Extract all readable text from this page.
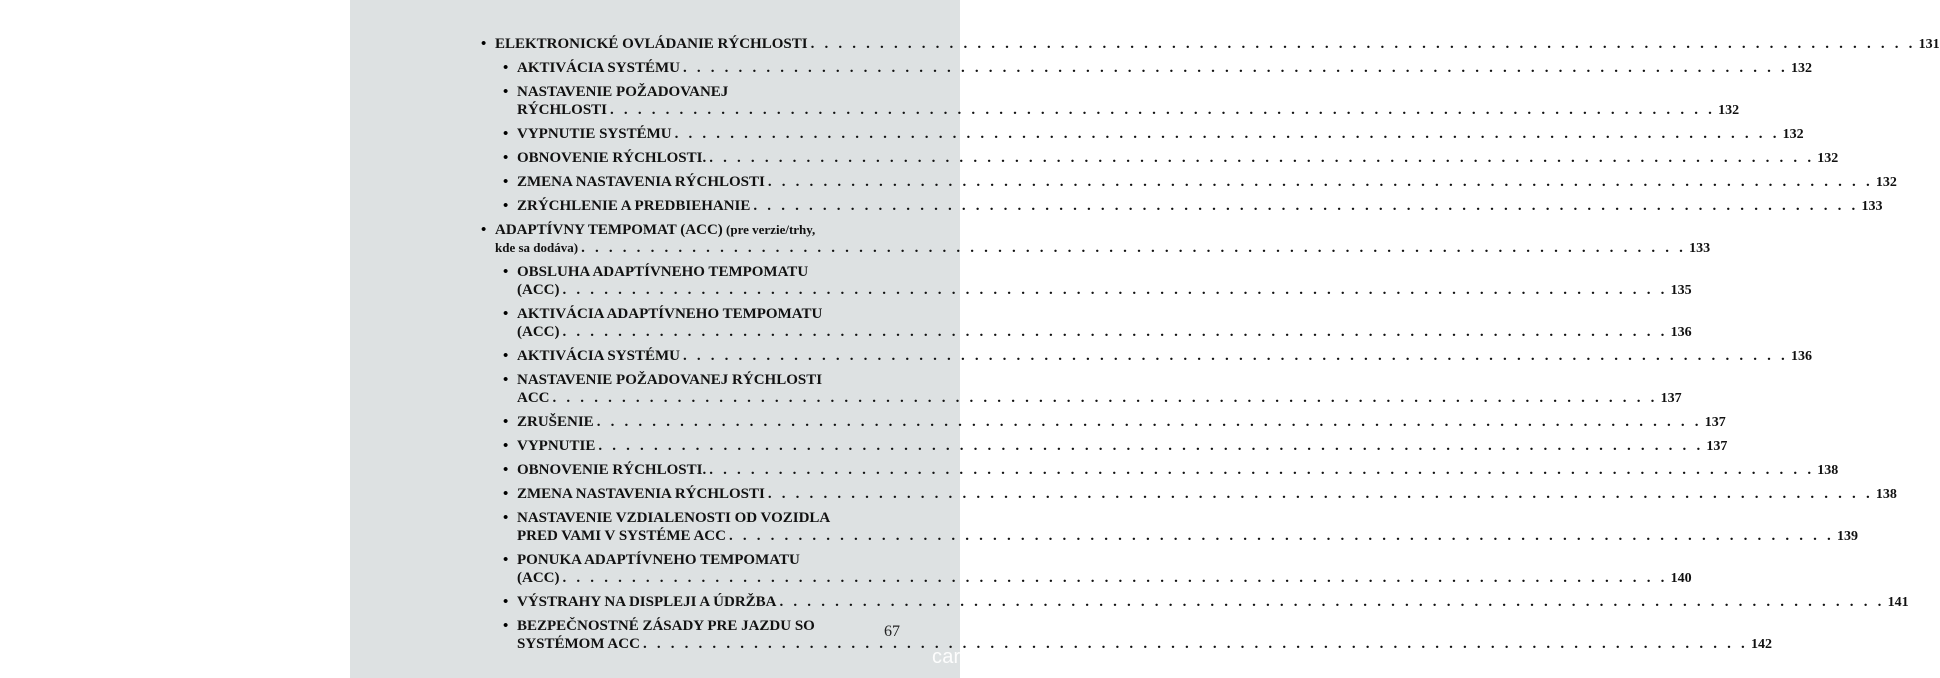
• ELEKTRONICKÉ OVLÁDANIE RÝCHLOSTI . . . . . . . . . . . . . . . . . . . . . . . . . . . . . . . . . . . . . . . . . . . . . . . . . . . . . . . . . . . . . . . . . . . . . . . . . . . . . . . . 131
• AKTIVÁCIA SYSTÉMU . . . . . . . . . . . . . . . . . . . . . . . . . . . . . . . . . . . . . . . . . . . . . . . . . . . . . . . . . . . . . . . . . . . . . . . . . . . . . . . . 132
• NASTAVENIE POŽADOVANEJ
RÝCHLOSTI . . . . . . . . . . . . . . . . . . . . . . . . . . . . . . . . . . . . . . . . . . . . . . . . . . . . . . . . . . . . . . . . . . . . . . . . . . . . . . . . 132
• VYPNUTIE SYSTÉMU . . . . . . . . . . . . . . . . . . . . . . . . . . . . . . . . . . . . . . . . . . . . . . . . . . . . . . . . . . . . . . . . . . . . . . . . . . . . . . . . 132
• OBNOVENIE RÝCHLOSTI. . . . . . . . . . . . . . . . . . . . . . . . . . . . . . . . . . . . . . . . . . . . . . . . . . . . . . . . . . . . . . . . . . . . . . . . . . . . . . . . . 132
• ZMENA NASTAVENIA RÝCHLOSTI . . . . . . . . . . . . . . . . . . . . . . . . . . . . . . . . . . . . . . . . . . . . . . . . . . . . . . . . . . . . . . . . . . . . . . . . . . . . . . . . 132
• ZRÝCHLENIE A PREDBIEHANIE . . . . . . . . . . . . . . . . . . . . . . . . . . . . . . . . . . . . . . . . . . . . . . . . . . . . . . . . . . . . . . . . . . . . . . . . . . . . . . . . 133
• ADAPTÍVNY TEMPOMAT (ACC) (pre verzie/trhy,
kde sa dodáva) . . . . . . . . . . . . . . . . . . . . . . . . . . . . . . . . . . . . . . . . . . . . . . . . . . . . . . . . . . . . . . . . . . . . . . . . . . . . . . . . 133
• OBSLUHA ADAPTÍVNEHO TEMPOMATU
(ACC) . . . . . . . . . . . . . . . . . . . . . . . . . . . . . . . . . . . . . . . . . . . . . . . . . . . . . . . . . . . . . . . . . . . . . . . . . . . . . . . . 135
• AKTIVÁCIA ADAPTÍVNEHO TEMPOMATU
(ACC) . . . . . . . . . . . . . . . . . . . . . . . . . . . . . . . . . . . . . . . . . . . . . . . . . . . . . . . . . . . . . . . . . . . . . . . . . . . . . . . . 136
• AKTIVÁCIA SYSTÉMU . . . . . . . . . . . . . . . . . . . . . . . . . . . . . . . . . . . . . . . . . . . . . . . . . . . . . . . . . . . . . . . . . . . . . . . . . . . . . . . . 136
• NASTAVENIE POŽADOVANEJ RÝCHLOSTI
ACC . . . . . . . . . . . . . . . . . . . . . . . . . . . . . . . . . . . . . . . . . . . . . . . . . . . . . . . . . . . . . . . . . . . . . . . . . . . . . . . . 137
• ZRUŠENIE . . . . . . . . . . . . . . . . . . . . . . . . . . . . . . . . . . . . . . . . . . . . . . . . . . . . . . . . . . . . . . . . . . . . . . . . . . . . . . . . 137
• VYPNUTIE . . . . . . . . . . . . . . . . . . . . . . . . . . . . . . . . . . . . . . . . . . . . . . . . . . . . . . . . . . . . . . . . . . . . . . . . . . . . . . . . 137
• OBNOVENIE RÝCHLOSTI. . . . . . . . . . . . . . . . . . . . . . . . . . . . . . . . . . . . . . . . . . . . . . . . . . . . . . . . . . . . . . . . . . . . . . . . . . . . . . . . . 138
• ZMENA NASTAVENIA RÝCHLOSTI . . . . . . . . . . . . . . . . . . . . . . . . . . . . . . . . . . . . . . . . . . . . . . . . . . . . . . . . . . . . . . . . . . . . . . . . . . . . . . . . 138
• NASTAVENIE VZDIALENOSTI OD VOZIDLA
PRED VAMI V SYSTÉME ACC . . . . . . . . . . . . . . . . . . . . . . . . . . . . . . . . . . . . . . . . . . . . . . . . . . . . . . . . . . . . . . . . . . . . . . . . . . . . . . . . 139
• PONUKA ADAPTÍVNEHO TEMPOMATU
(ACC) . . . . . . . . . . . . . . . . . . . . . . . . . . . . . . . . . . . . . . . . . . . . . . . . . . . . . . . . . . . . . . . . . . . . . . . . . . . . . . . . 140
• VÝSTRAHY NA DISPLEJI A ÚDRŽBA . . . . . . . . . . . . . . . . . . . . . . . . . . . . . . . . . . . . . . . . . . . . . . . . . . . . . . . . . . . . . . . . . . . . . . . . . . . . . . . . 141
• BEZPEČNOSTNÉ ZÁSADY PRE JAZDU SO
SYSTÉMOM ACC . . . . . . . . . . . . . . . . . . . . . . . . . . . . . . . . . . . . . . . . . . . . . . . . . . . . . . . . . . . . . . . . . . . . . . . . . . . . . . . . 142
67
carmanualsonline.info
